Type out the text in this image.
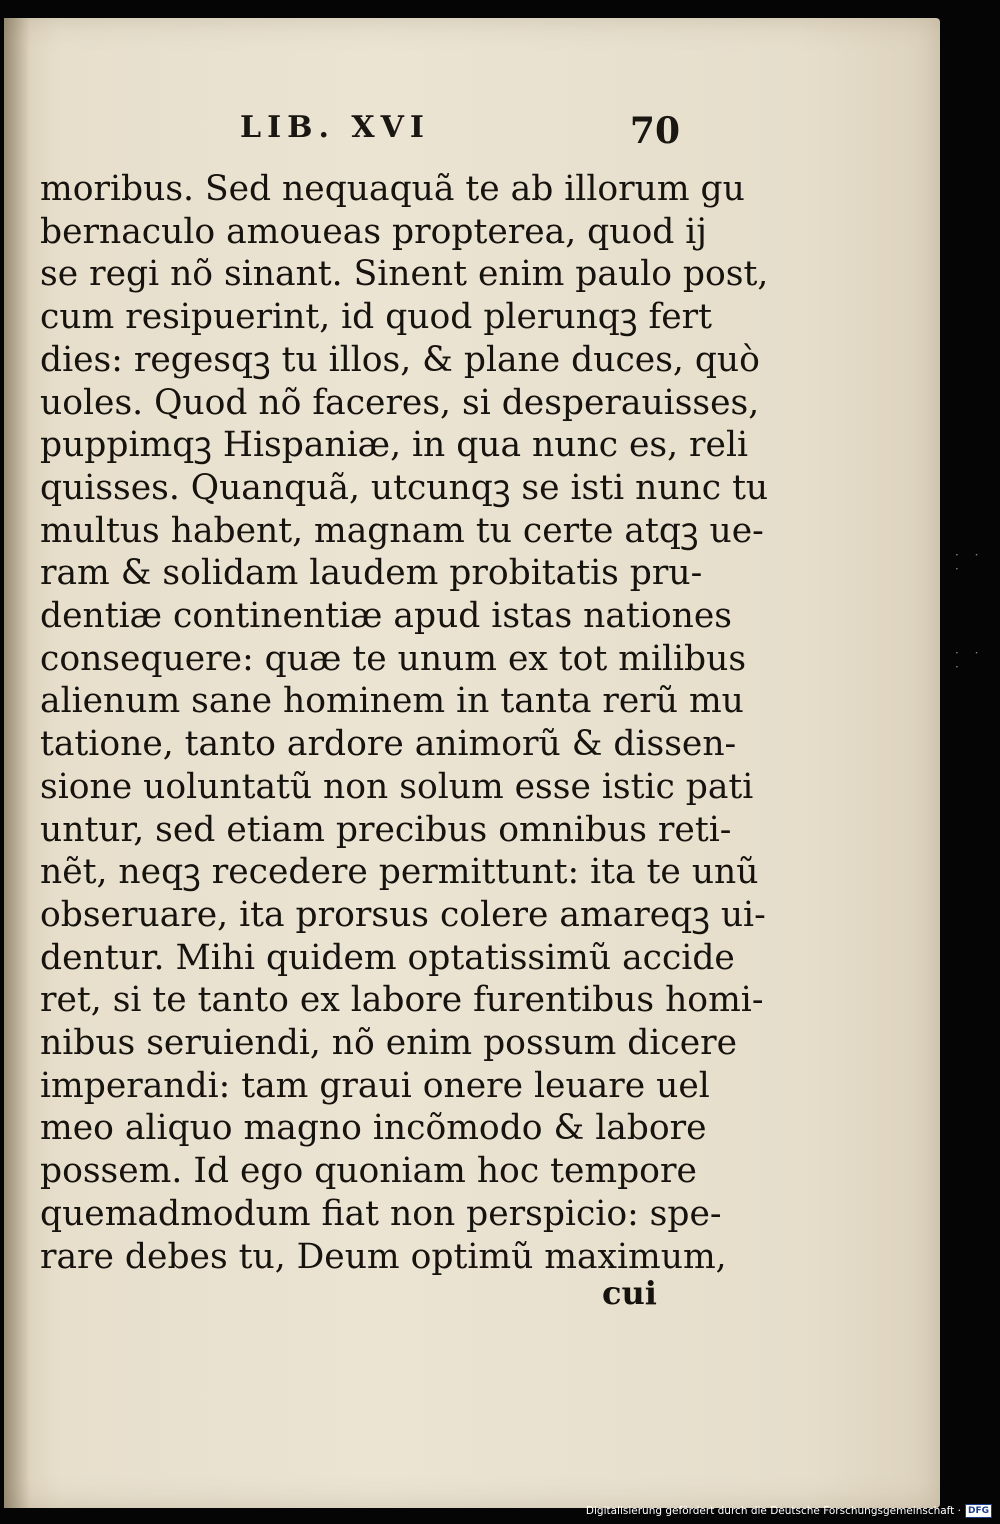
LIB. XVI	70
moribus. Sed nequaquã te ab illorum gu
bernaculo amoueas propterea, quod ij
se regi nõ sinant. Sinent enim paulo post,
cum resipuerint, id quod plerunqꝫ fert
dies: regesqꝫ tu illos, & plane duces, quò
uoles. Quod nõ faceres, si desperauisses,
puppimqꝫ Hispaniæ, in qua nunc es, reli
quisses. Quanquã, utcunqꝫ se isti nunc tu
multus habent, magnam tu certe atqꝫ ue-
ram & solidam laudem probitatis pru-
dentiæ continentiæ apud istas nationes
consequere: quæ te unum ex tot milibus
alienum sane hominem in tanta rerũ mu
tatione, tanto ardore animorũ & dissen-
sione uoluntatũ non solum esse istic pati
untur, sed etiam precibus omnibus reti-
nẽt, neqꝫ recedere permittunt: ita te unũ
obseruare, ita prorsus colere amareqꝫ ui-
dentur. Mihi quidem optatissimũ accide
ret, si te tanto ex labore furentibus homi-
nibus seruiendi, nõ enim possum dicere
imperandi: tam graui onere leuare uel
meo aliquo magno incõmodo & labore
possem. Id ego quoniam hoc tempore
quemadmodum fiat non perspicio: spe-
rare debes tu, Deum optimũ maximum,
cui
· · ·
· · ·
Digitalisierung gefördert durch die Deutsche Forschungsgemeinschaft · DFG
